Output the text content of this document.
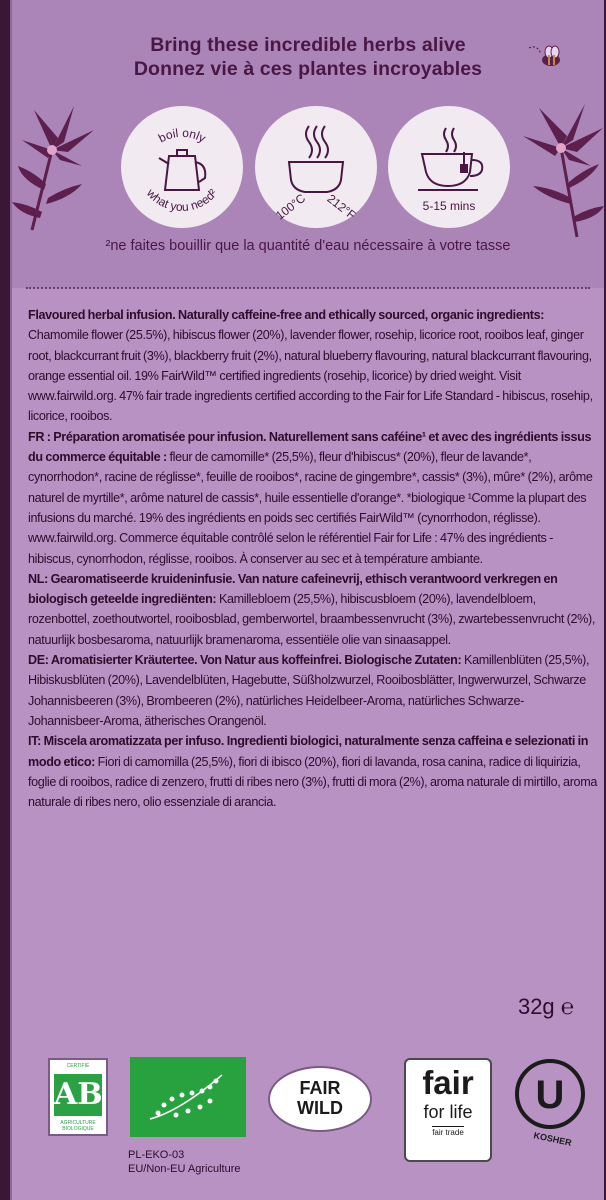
Bring these incredible herbs alive
Donnez vie à ces plantes incroyables
boil only
what you need²	100°C 212°F	5-15 mins
²ne faites bouillir que la quantité d'eau nécessaire à votre tasse

Flavoured herbal infusion. Naturally caffeine-free and ethically sourced, organic ingredients: Chamomile flower (25.5%), hibiscus flower (20%), lavender flower, rosehip, licorice root, rooibos leaf, ginger root, blackcurrant fruit (3%), blackberry fruit (2%), natural blueberry flavouring, natural blackcurrant flavouring, orange essential oil. 19% FairWild™ certified ingredients (rosehip, licorice) by dried weight. Visit www.fairwild.org. 47% fair trade ingredients certified according to the Fair for Life Standard - hibiscus, rosehip, licorice, rooibos.

FR : Préparation aromatisée pour infusion. Naturellement sans caféine¹ et avec des ingrédients issus du commerce équitable : fleur de camomille* (25,5%), fleur d'hibiscus* (20%), fleur de lavande*, cynorrhodon*, racine de réglisse*, feuille de rooibos*, racine de gingembre*, cassis* (3%), mûre* (2%), arôme naturel de myrtille*, arôme naturel de cassis*, huile essentielle d'orange*. *biologique ¹Comme la plupart des infusions du marché. 19% des ingrédients en poids sec certifiés FairWild™ (cynorrhodon, réglisse). www.fairwild.org. Commerce équitable contrôlé selon le référentiel Fair for Life : 47% des ingrédients - hibiscus, cynorrhodon, réglisse, rooibos. À conserver au sec et à température ambiante.

NL: Gearomatiseerde kruideninfusie. Van nature cafeinevrij, ethisch verantwoord verkregen en biologisch geteelde ingrediënten: Kamillebloem (25,5%), hibiscusbloem (20%), lavendelbloem, rozenbottel, zoethoutwortel, rooibosblad, gemberwortel, braambessenvrucht (3%), zwartebessenvrucht (2%), natuurlijk bosbesaroma, natuurlijk bramenaroma, essentiële olie van sinaasappel.

DE: Aromatisierter Kräutertee. Von Natur aus koffeinfrei. Biologische Zutaten: Kamillenblüten (25,5%), Hibiskusblüten (20%), Lavendelblüten, Hagebutte, Süßholzwurzel, Rooibosblätter, Ingwerwurzel, Schwarze Johannisbeeren (3%), Brombeeren (2%), natürliches Heidelbeer-Aroma, natürliches Schwarze-Johannisbeer-Aroma, ätherisches Orangenöl.

IT: Miscela aromatizzata per infuso. Ingredienti biologici, naturalmente senza caffeina e selezionati in modo etico: Fiori di camomilla (25,5%), fiori di ibisco (20%), fiori di lavanda, rosa canina, radice di liquirizia, foglie di rooibos, radice di zenzero, frutti di ribes nero (3%), frutti di mora (2%), aroma naturale di mirtillo, aroma naturale di ribes nero, olio essenziale di arancia.

32g ℮
CERTIFIÉ
AB
AGRICULTURE BIOLOGIQUE
PL-EKO-03
EU/Non-EU Agriculture
FAIR
WILD
fair
for life
fair trade
U
KOSHER
